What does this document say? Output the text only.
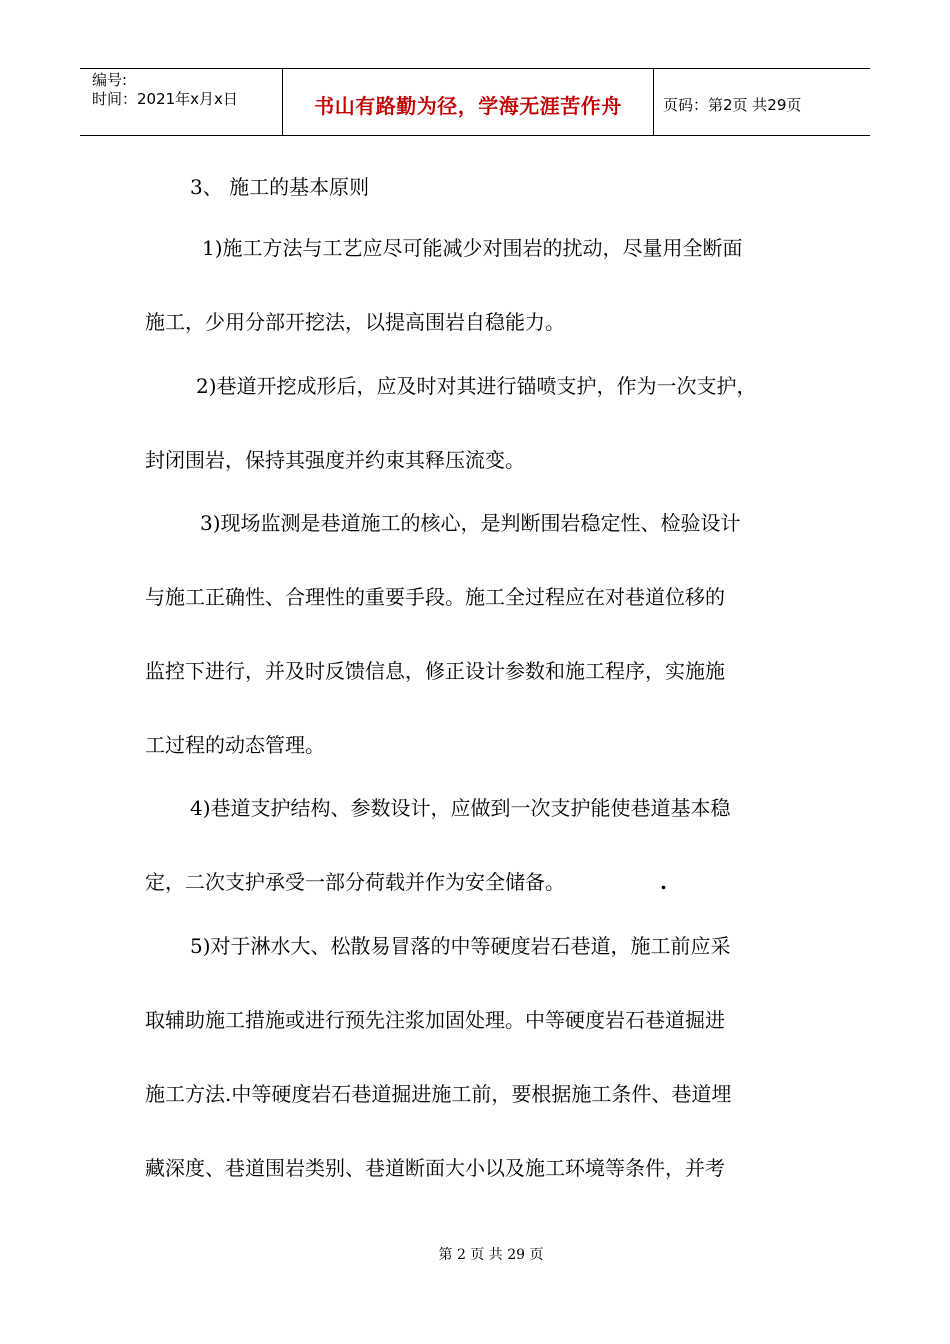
编号:
时间：2021年x月x日	书山有路勤为径，学海无涯苦作舟	页码：第2页 共29页
3、 施工的基本原则
1)施工方法与工艺应尽可能减少对围岩的扰动，尽量用全断面
施工，少用分部开挖法，以提高围岩自稳能力。
2)巷道开挖成形后，应及时对其进行锚喷支护，作为一次支护，
封闭围岩，保持其强度并约束其释压流变。
3)现场监测是巷道施工的核心，是判断围岩稳定性、检验设计
与施工正确性、合理性的重要手段。施工全过程应在对巷道位移的
监控下进行，并及时反馈信息，修正设计参数和施工程序，实施施
工过程的动态管理。
4)巷道支护结构、参数设计，应做到一次支护能使巷道基本稳
定，二次支护承受一部分荷载并作为安全储备。	.
5)对于淋水大、松散易冒落的中等硬度岩石巷道，施工前应采
取辅助施工措施或进行预先注浆加固处理。中等硬度岩石巷道掘进
施工方法.中等硬度岩石巷道掘进施工前，要根据施工条件、巷道埋
藏深度、巷道围岩类别、巷道断面大小以及施工环境等条件，并考
第 2 页 共 29 页
